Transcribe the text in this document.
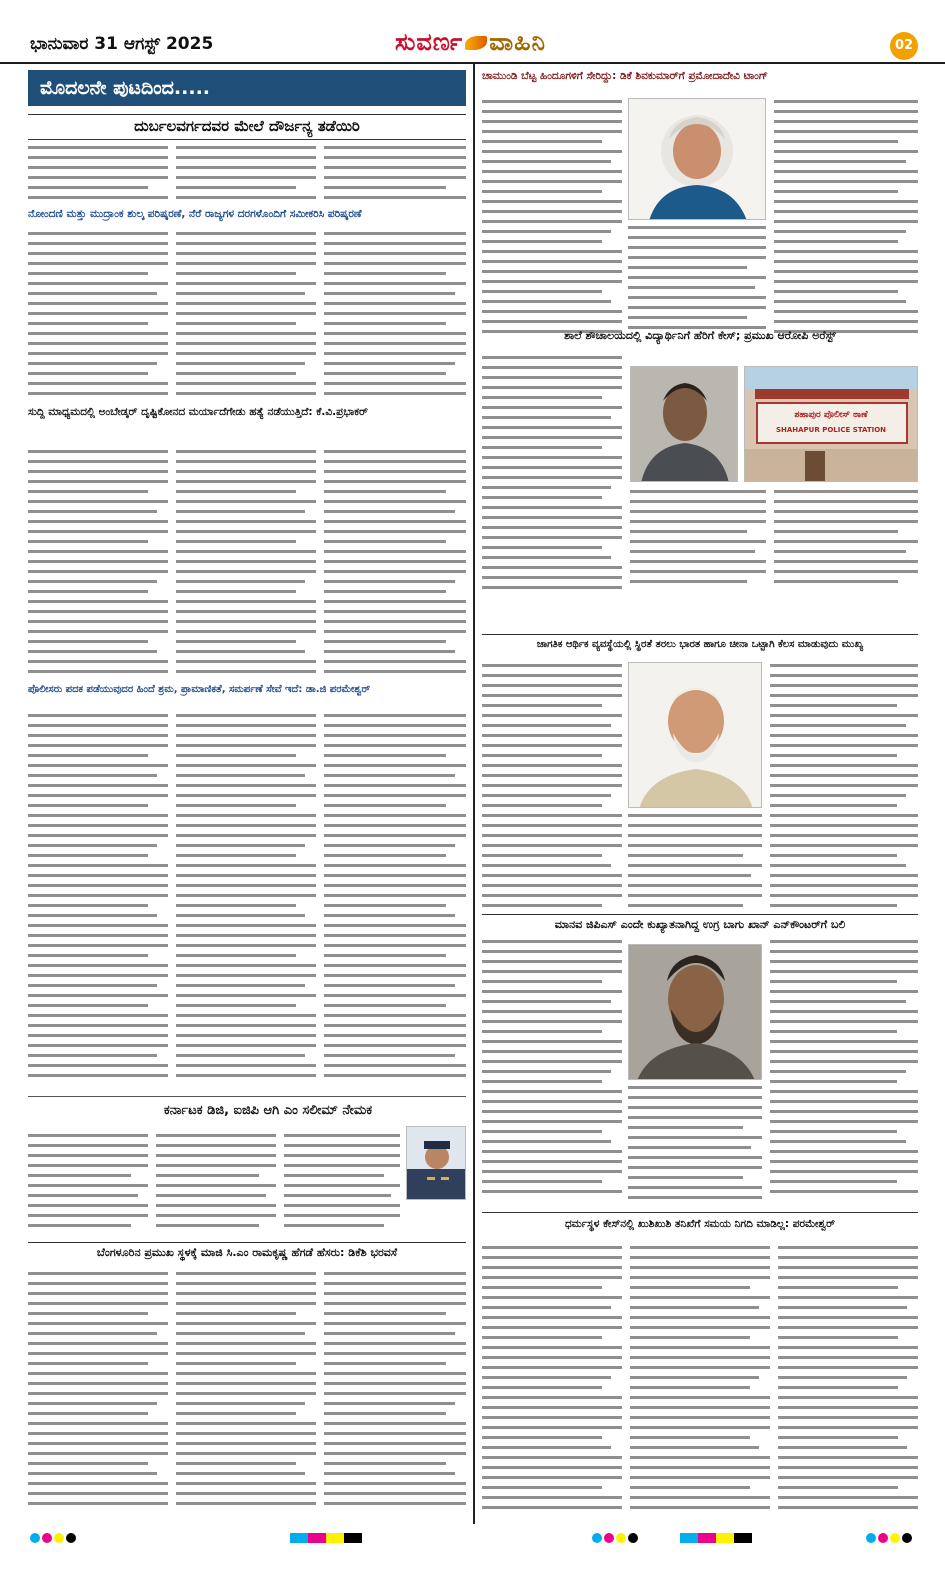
ಭಾನುವಾರ 31 ಆಗಸ್ಟ್ 2025	ಸುವರ್ಣ ವಾಹಿನಿ	02
ಮೊದಲನೇ ಪುಟದಿಂದ.....
ದುರ್ಬಲವರ್ಗದವರ ಮೇಲೆ ದೌರ್ಜನ್ಯ ತಡೆಯಿರಿ
ನೋಂದಣಿ ಮತ್ತು ಮುದ್ರಾಂಕ ಶುಲ್ಕ ಪರಿಷ್ಕರಣೆ, ನೆರೆ ರಾಜ್ಯಗಳ ದರಗಳೊಂದಿಗೆ ಸಮೀಕರಿಸಿ ಪರಿಷ್ಕರಣೆ
ಸುದ್ದಿ ಮಾಧ್ಯಮದಲ್ಲಿ ಅಂಬೇಡ್ಕರ್ ದೃಷ್ಟಿಕೋನದ ಮರ್ಯಾದೆಗೇಡು ಹತ್ಯೆ ನಡೆಯುತ್ತಿದೆ: ಕೆ.ವಿ.ಪ್ರಭಾಕರ್
ಪೊಲೀಸರು ಪದಕ ಪಡೆಯುವುದರ ಹಿಂದೆ ಶ್ರಮ, ಪ್ರಾಮಾಣಿಕತೆ, ಸಮರ್ಪಣೆ ಸೇವೆ ಇದೆ: ಡಾ.ಜಿ ಪರಮೇಶ್ವರ್
ಕರ್ನಾಟಕ ಡಿಜಿ, ಐಜಿಪಿ ಆಗಿ ಎಂ ಸಲೀಮ್ ನೇಮಕ
ಬೆಂಗಳೂರಿನ ಪ್ರಮುಖ ಸ್ಥಳಕ್ಕೆ ಮಾಜಿ ಸಿ.ಎಂ ರಾಮಕೃಷ್ಣ ಹೆಗಡೆ ಹೆಸರು: ಡಿಕೆಶಿ ಭರವಸೆ
ಚಾಮುಂಡಿ ಬೆಟ್ಟ ಹಿಂದೂಗಳಿಗೆ ಸೇರಿದ್ದು: ಡಿಕೆ ಶಿವಕುಮಾರ್‌ಗೆ ಪ್ರಮೋದಾದೇವಿ ಟಾಂಗ್
ಶಾಲೆ ಶೌಚಾಲಯದಲ್ಲಿ ವಿದ್ಯಾರ್ಥಿನಿಗೆ ಹೆರಿಗೆ ಕೇಸ್; ಪ್ರಮುಖ ಆರೋಪಿ ಅರೆಸ್ಟ್
ಶಹಾಪುರ ಪೊಲೀಸ್ ಠಾಣೆ
SHAHAPUR POLICE STATION
ಜಾಗತಿಕ ಆರ್ಥಿಕ ವ್ಯವಸ್ಥೆಯಲ್ಲಿ ಸ್ಥಿರತೆ ತರಲು ಭಾರತ ಹಾಗೂ ಚೀನಾ ಒಟ್ಟಾಗಿ ಕೆಲಸ ಮಾಡುವುದು ಮುಖ್ಯ
ಮಾನವ ಜಿಪಿಎಸ್ ಎಂದೇ ಕುಖ್ಯಾತನಾಗಿದ್ದ ಉಗ್ರ ಬಾಗು ಖಾನ್ ಎನ್‌ಕೌಂಟರ್‌ಗೆ ಬಲಿ
ಧರ್ಮಸ್ಥಳ ಕೇಸ್‌ನಲ್ಲಿ ಖುಶಿಖುಶಿ ತನಿಖೆಗೆ ಸಮಯ ನಿಗದಿ ಮಾಡಿಲ್ಲ: ಪರಮೇಶ್ವರ್
